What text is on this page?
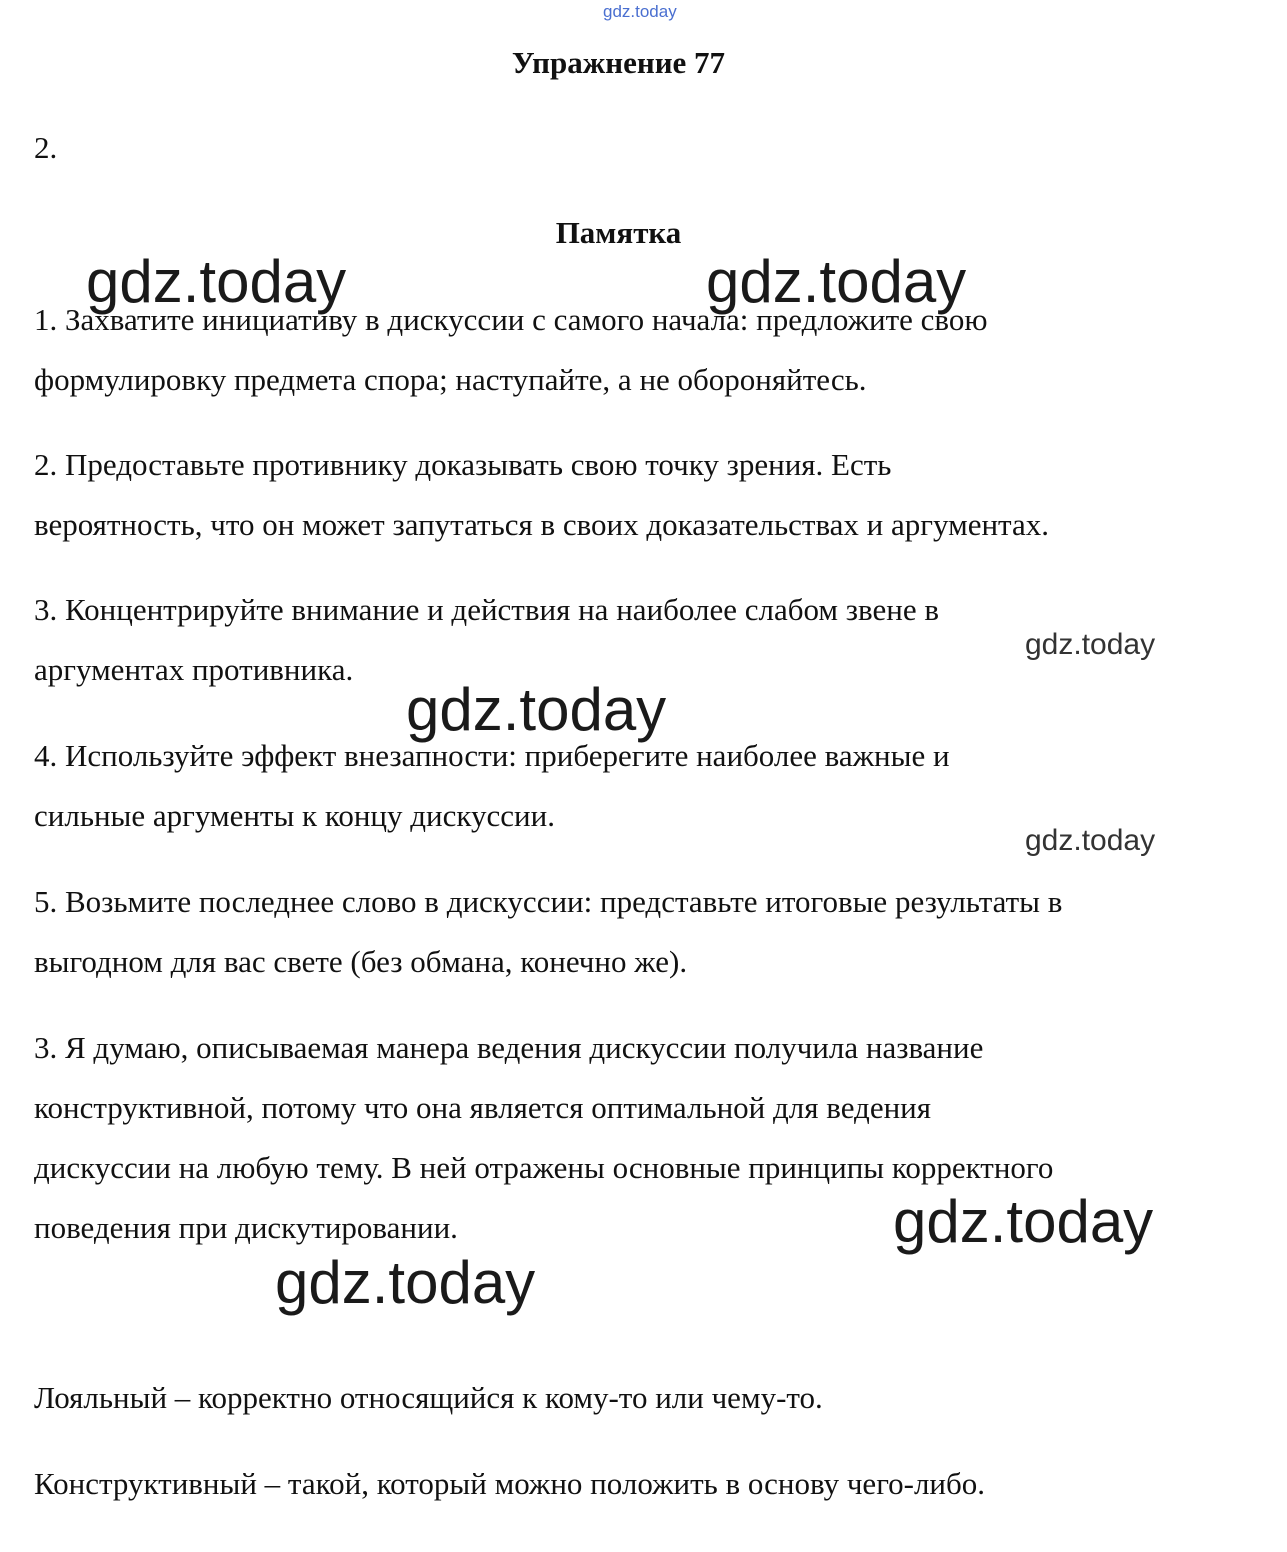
gdz.today
Упражнение 77
2.
Памятка
1. Захватите инициативу в дискуссии с самого начала: предложите свою
формулировку предмета спора; наступайте, а не обороняйтесь.
2. Предоставьте противнику доказывать свою точку зрения. Есть
вероятность, что он может запутаться в своих доказательствах и аргументах.
3. Концентрируйте внимание и действия на наиболее слабом звене в
аргументах противника.
4. Используйте эффект внезапности: приберегите наиболее важные и
сильные аргументы к концу дискуссии.
5. Возьмите последнее слово в дискуссии: представьте итоговые результаты в
выгодном для вас свете (без обмана, конечно же).
3. Я думаю, описываемая манера ведения дискуссии получила название
конструктивной, потому что она является оптимальной для ведения
дискуссии на любую тему. В ней отражены основные принципы корректного
поведения при дискутировании.
Лояльный – корректно относящийся к кому-то или чему-то.
Конструктивный – такой, который можно положить в основу чего-либо.
gdz.today	gdz.today
gdz.today
gdz.today
gdz.today
gdz.today
gdz.today
